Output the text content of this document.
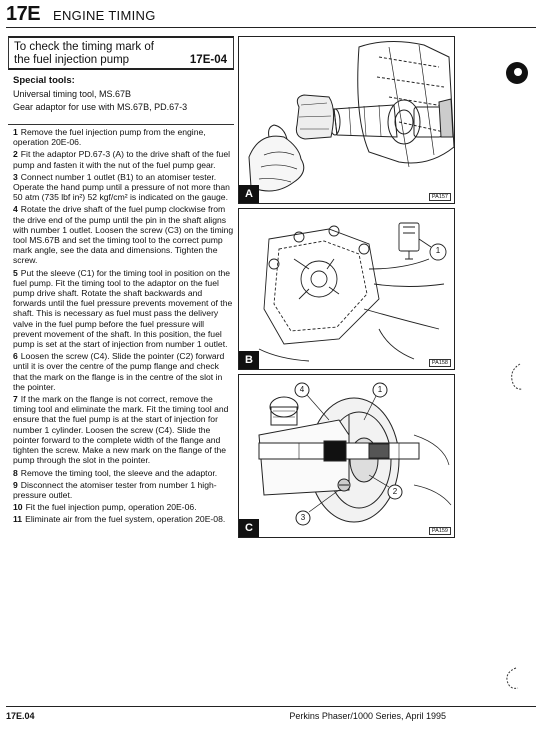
17E ENGINE TIMING
To check the timing mark of the fuel injection pump	17E-04
Special tools:
Universal timing tool, MS.67B
Gear adaptor for use with MS.67B, PD.67-3
1 Remove the fuel injection pump from the engine, operation 20E-06.
2 Fit the adaptor PD.67-3 (A) to the drive shaft of the fuel pump and fasten it with the nut of the fuel pump gear.
3 Connect number 1 outlet (B1) to an atomiser tester. Operate the hand pump until a pressure of not more than 50 atm (735 lbf in²) 52 kgf/cm² is indicated on the gauge.
4 Rotate the drive shaft of the fuel pump clockwise from the drive end of the pump until the pin in the shaft aligns with number 1 outlet. Loosen the screw (C3) on the timing tool MS.67B and set the timing tool to the correct pump mark angle, see the data and dimensions. Tighten the screw.
5 Put the sleeve (C1) for the timing tool in position on the fuel pump. Fit the timing tool to the adaptor on the fuel pump drive shaft. Rotate the shaft backwards and forwards until the fuel pressure prevents movement of the shaft. This is necessary as fuel must pass the delivery valve in the fuel pump before the fuel pressure will prevent movement of the shaft. In this position, the fuel pump is set at the start of injection from number 1 outlet.
6 Loosen the screw (C4). Slide the pointer (C2) forward until it is over the centre of the pump flange and check that the mark on the flange is in the centre of the slot in the pointer.
7 If the mark on the flange is not correct, remove the timing tool and eliminate the mark. Fit the timing tool and ensure that the fuel pump is at the start of injection for number 1 cylinder. Loosen the screw (C4). Slide the pointer forward to the complete width of the flange and tighten the screw. Make a new mark on the flange of the pump through the slot in the pointer.
8 Remove the timing tool, the sleeve and the adaptor.
9 Disconnect the atomiser tester from number 1 high-pressure outlet.
10 Fit the fuel injection pump, operation 20E-06.
11 Eliminate air from the fuel system, operation 20E-08.
A	PA157
1
B	PA158
4	1
2
3
C	PA159
17E.04	Perkins Phaser/1000 Series, April 1995
